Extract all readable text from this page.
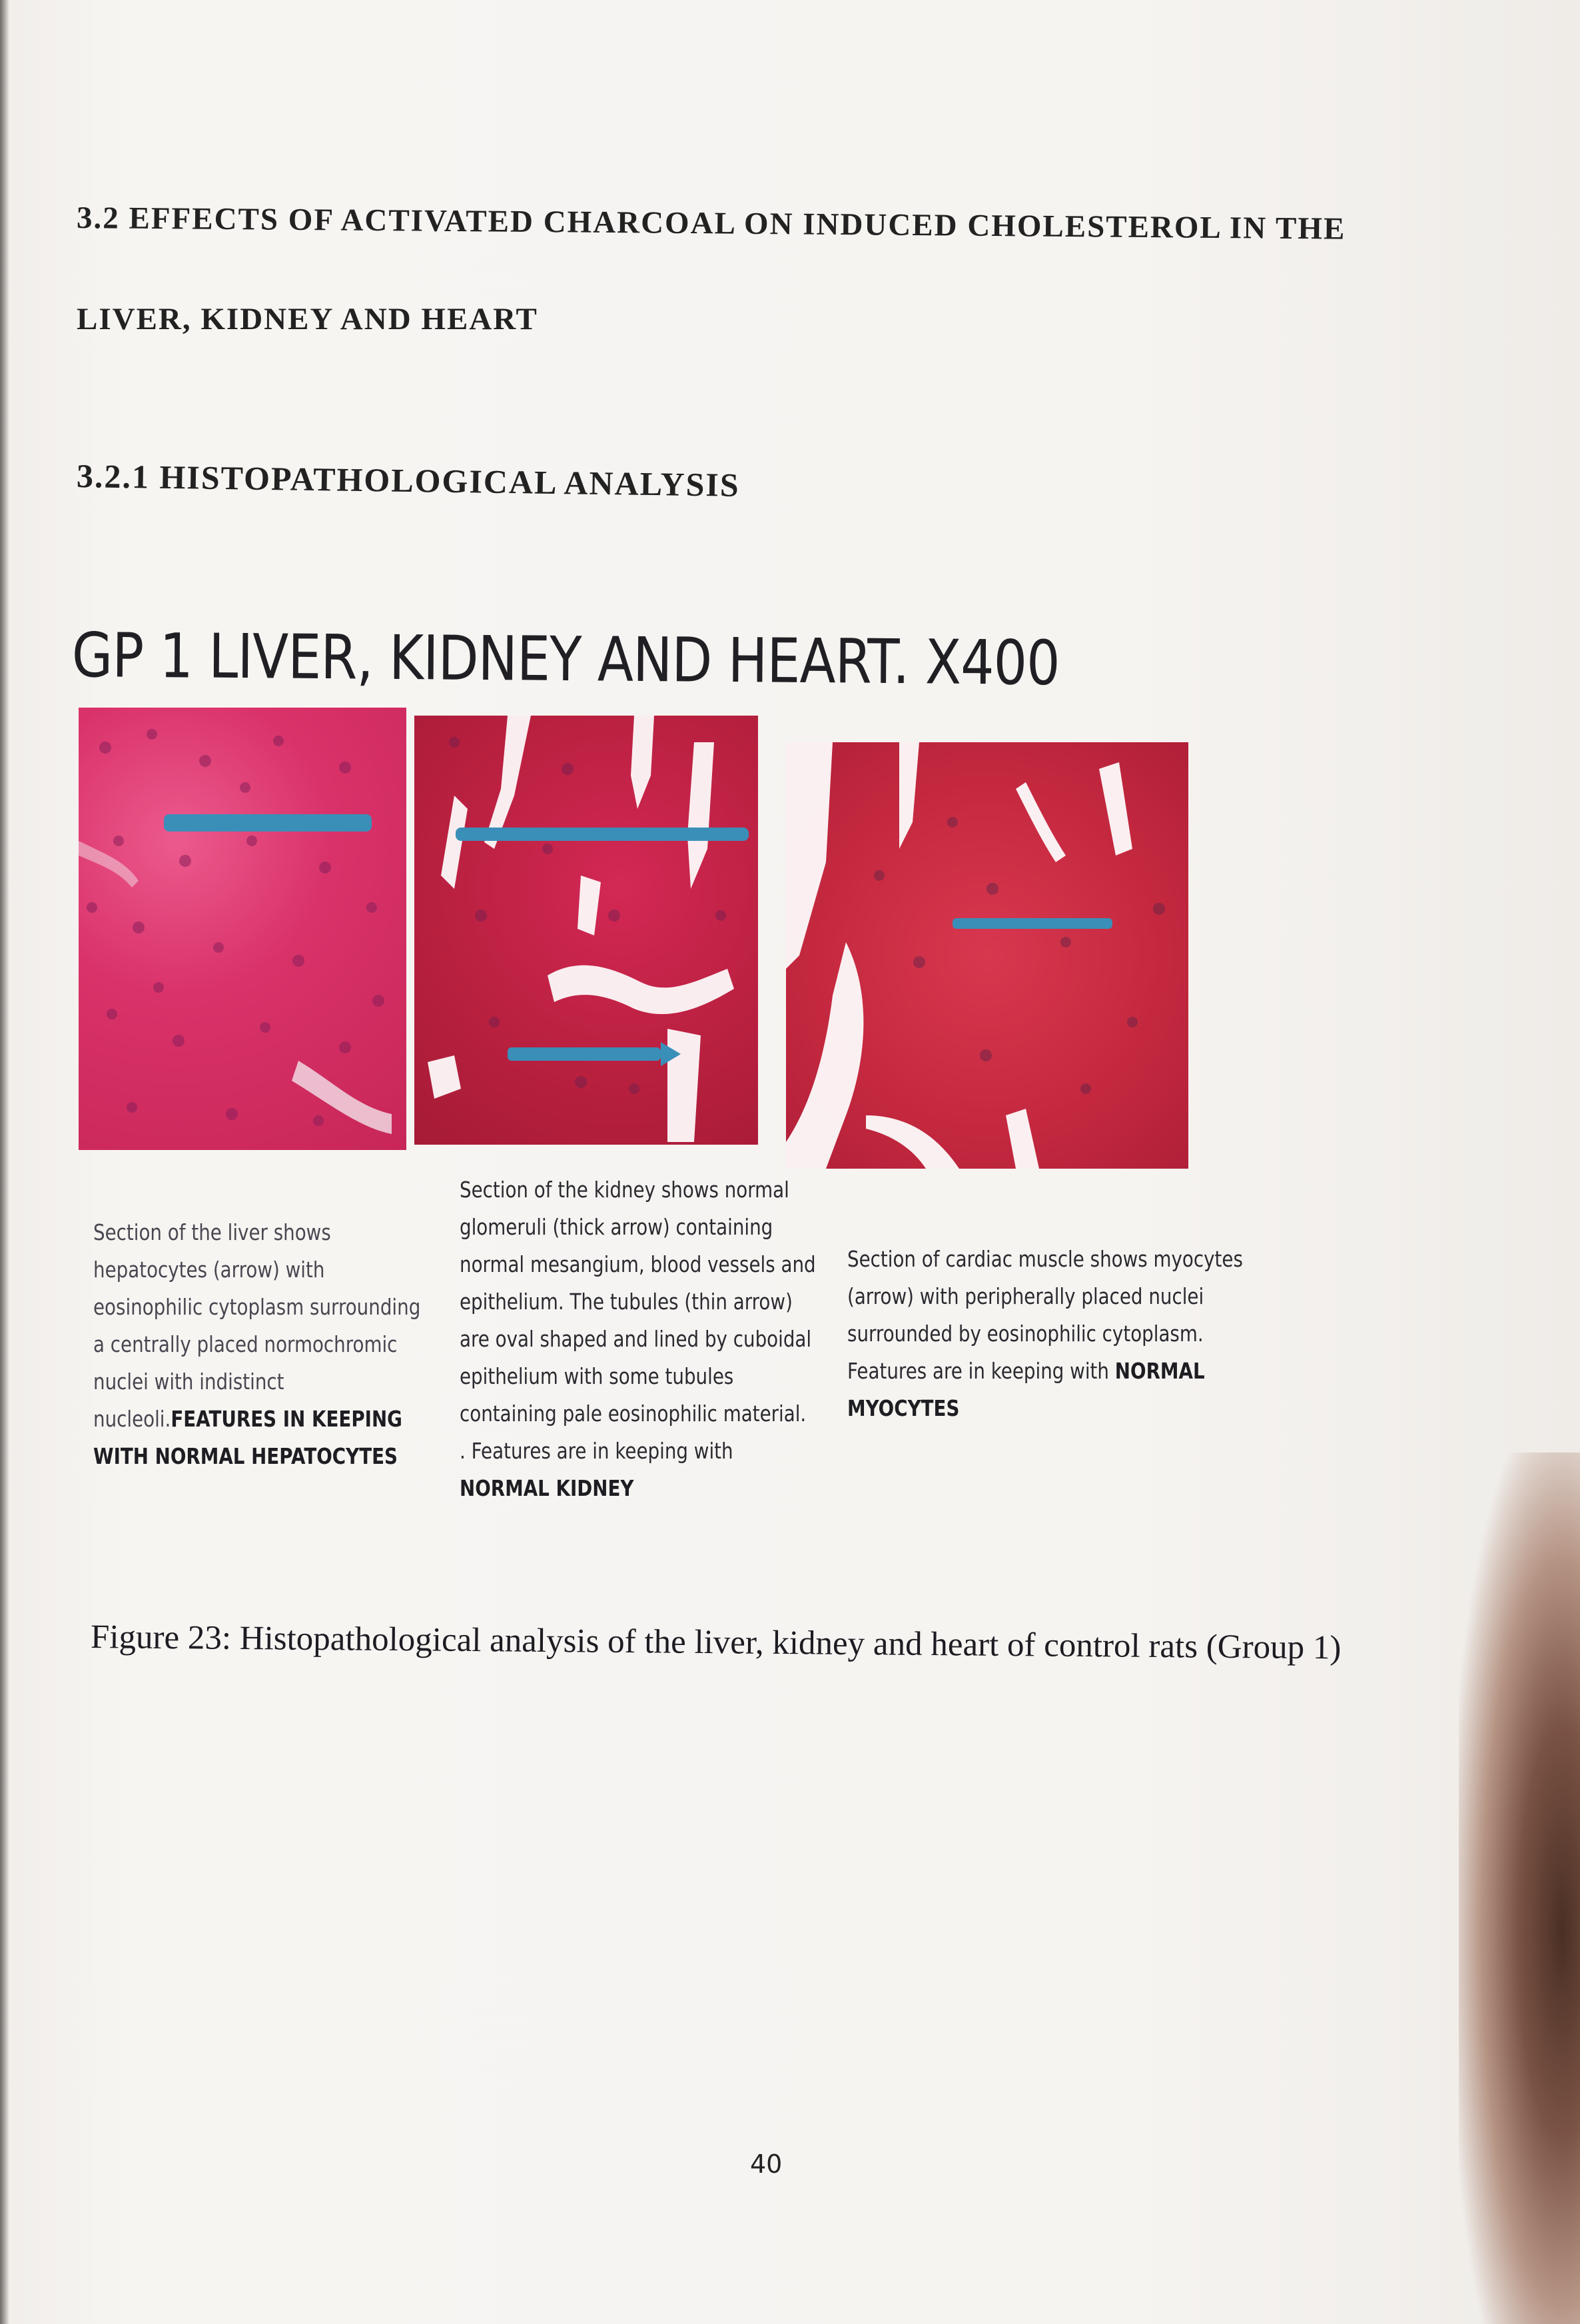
3.2 EFFECTS OF ACTIVATED CHARCOAL ON INDUCED CHOLESTEROL IN THE
LIVER, KIDNEY AND HEART
3.2.1 HISTOPATHOLOGICAL ANALYSIS
GP 1 LIVER, KIDNEY AND HEART. X400
Section of the liver shows hepatocytes (arrow) with eosinophilic cytoplasm surrounding a centrally placed normochromic nuclei with indistinct nucleoli.FEATURES IN KEEPING WITH NORMAL HEPATOCYTES
Section of the kidney shows normal glomeruli (thick arrow) containing normal mesangium, blood vessels and epithelium. The tubules (thin arrow) are oval shaped and lined by cuboidal epithelium with some tubules containing pale eosinophilic material. . Features are in keeping with NORMAL KIDNEY
Section of cardiac muscle shows myocytes (arrow) with peripherally placed nuclei surrounded by eosinophilic cytoplasm. Features are in keeping with NORMAL MYOCYTES
Figure 23: Histopathological analysis of the liver, kidney and heart of control rats (Group 1)
40
